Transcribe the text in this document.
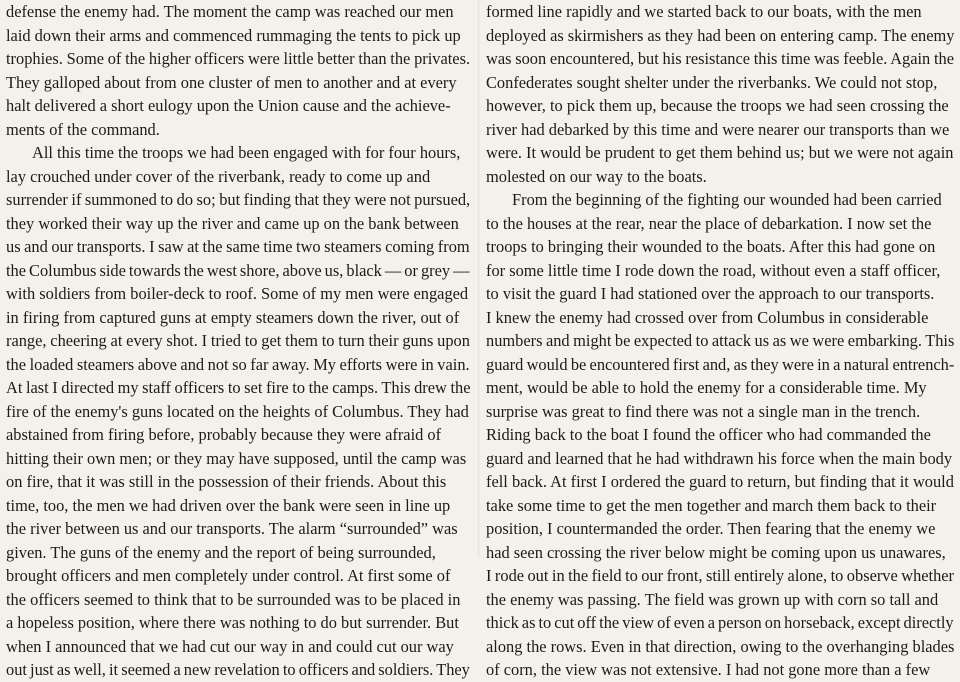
defense the enemy had. The moment the camp was reached our men
laid down their arms and commenced rummaging the tents to pick up
trophies. Some of the higher officers were little better than the privates.
They galloped about from one cluster of men to another and at every
halt delivered a short eulogy upon the Union cause and the achieve-
ments of the command.
All this time the troops we had been engaged with for four hours,
lay crouched under cover of the riverbank, ready to come up and
surrender if summoned to do so; but finding that they were not pursued,
they worked their way up the river and came up on the bank between
us and our transports. I saw at the same time two steamers coming from
the Columbus side towards the west shore, above us, black — or grey —
with soldiers from boiler-deck to roof. Some of my men were engaged
in firing from captured guns at empty steamers down the river, out of
range, cheering at every shot. I tried to get them to turn their guns upon
the loaded steamers above and not so far away. My efforts were in vain.
At last I directed my staff officers to set fire to the camps. This drew the
fire of the enemy's guns located on the heights of Columbus. They had
abstained from firing before, probably because they were afraid of
hitting their own men; or they may have supposed, until the camp was
on fire, that it was still in the possession of their friends. About this
time, too, the men we had driven over the bank were seen in line up
the river between us and our transports. The alarm “surrounded” was
given. The guns of the enemy and the report of being surrounded,
brought officers and men completely under control. At first some of
the officers seemed to think that to be surrounded was to be placed in
a hopeless position, where there was nothing to do but surrender. But
when I announced that we had cut our way in and could cut our way
out just as well, it seemed a new revelation to officers and soldiers. They
formed line rapidly and we started back to our boats, with the men
deployed as skirmishers as they had been on entering camp. The enemy
was soon encountered, but his resistance this time was feeble. Again the
Confederates sought shelter under the riverbanks. We could not stop,
however, to pick them up, because the troops we had seen crossing the
river had debarked by this time and were nearer our transports than we
were. It would be prudent to get them behind us; but we were not again
molested on our way to the boats.
From the beginning of the fighting our wounded had been carried
to the houses at the rear, near the place of debarkation. I now set the
troops to bringing their wounded to the boats. After this had gone on
for some little time I rode down the road, without even a staff officer,
to visit the guard I had stationed over the approach to our transports.
I knew the enemy had crossed over from Columbus in considerable
numbers and might be expected to attack us as we were embarking. This
guard would be encountered first and, as they were in a natural entrench-
ment, would be able to hold the enemy for a considerable time. My
surprise was great to find there was not a single man in the trench.
Riding back to the boat I found the officer who had commanded the
guard and learned that he had withdrawn his force when the main body
fell back. At first I ordered the guard to return, but finding that it would
take some time to get the men together and march them back to their
position, I countermanded the order. Then fearing that the enemy we
had seen crossing the river below might be coming upon us unawares,
I rode out in the field to our front, still entirely alone, to observe whether
the enemy was passing. The field was grown up with corn so tall and
thick as to cut off the view of even a person on horseback, except directly
along the rows. Even in that direction, owing to the overhanging blades
of corn, the view was not extensive. I had not gone more than a few
